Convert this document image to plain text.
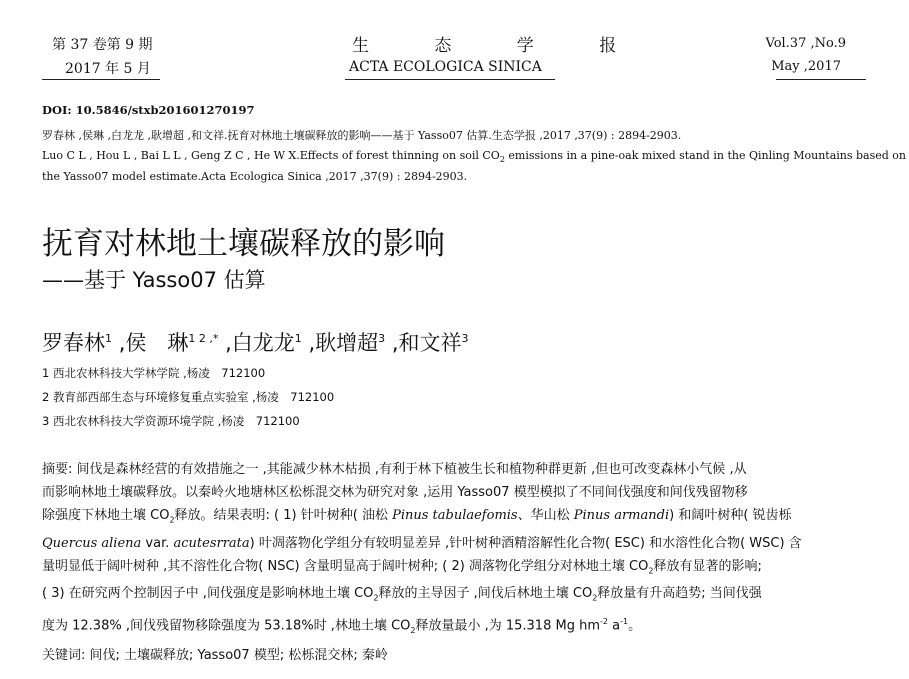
第 37 卷第 9 期
2017 年 5 月
生 态 学 报
ACTA ECOLOGICA SINICA
Vol.37 ,No.9
May ,2017
DOI: 10.5846/stxb201601270197
罗春林 ,侯琳 ,白龙龙 ,耿增超 ,和文祥.抚育对林地土壤碳释放的影响——基于 Yasso07 估算.生态学报 ,2017 ,37(9) : 2894-2903.
Luo C L , Hou L , Bai L L , Geng Z C , He W X.Effects of forest thinning on soil $CO_2$ emissions in a pine-oak mixed stand in the Qinling Mountains based on
the Yasso07 model estimate.Acta Ecologica Sinica ,2017 ,37(9) : 2894-2903.
抚育对林地土壤碳释放的影响
——基于 Yasso07 估算
罗春林$^1$ ,侯　琳$^{1 2 ,*}$ ,白龙龙$^1$ ,耿增超$^3$ ,和文祥$^3$
1 西北农林科技大学林学院 ,杨凌　712100
2 教育部西部生态与环境修复重点实验室 ,杨凌　712100
3 西北农林科技大学资源环境学院 ,杨凌　712100

摘要: 间伐是森林经营的有效措施之一 ,其能减少林木枯损 ,有利于林下植被生长和植物种群更新 ,但也可改变森林小气候 ,从

而影响林地土壤碳释放。以秦岭火地塘林区松栎混交林为研究对象 ,运用 Yasso07 模型模拟了不同间伐强度和间伐残留物移

除强度下林地土壤 $CO_2$释放。结果表明: ( 1) 针叶树种( 油松 Pinus tabulaefomis、华山松 Pinus armandi) 和阔叶树种( 锐齿栎

Quercus aliena var. acutesrrata) 叶凋落物化学组分有较明显差异 ,针叶树种酒精溶解性化合物( ESC) 和水溶性化合物( WSC) 含

量明显低于阔叶树种 ,其不溶性化合物( NSC) 含量明显高于阔叶树种; ( 2) 凋落物化学组分对林地土壤 $CO_2$释放有显著的影响;

( 3) 在研究两个控制因子中 ,间伐强度是影响林地土壤 $CO_2$释放的主导因子 ,间伐后林地土壤 $CO_2$释放量有升高趋势; 当间伐强

度为 12.38% ,间伐残留物移除强度为 53.18%时 ,林地土壤 $CO_2$释放量最小 ,为 15.318 Mg $hm^{-2}$ $a^{-1}$。

关键词: 间伐; 土壤碳释放; Yasso07 模型; 松栎混交林; 秦岭
